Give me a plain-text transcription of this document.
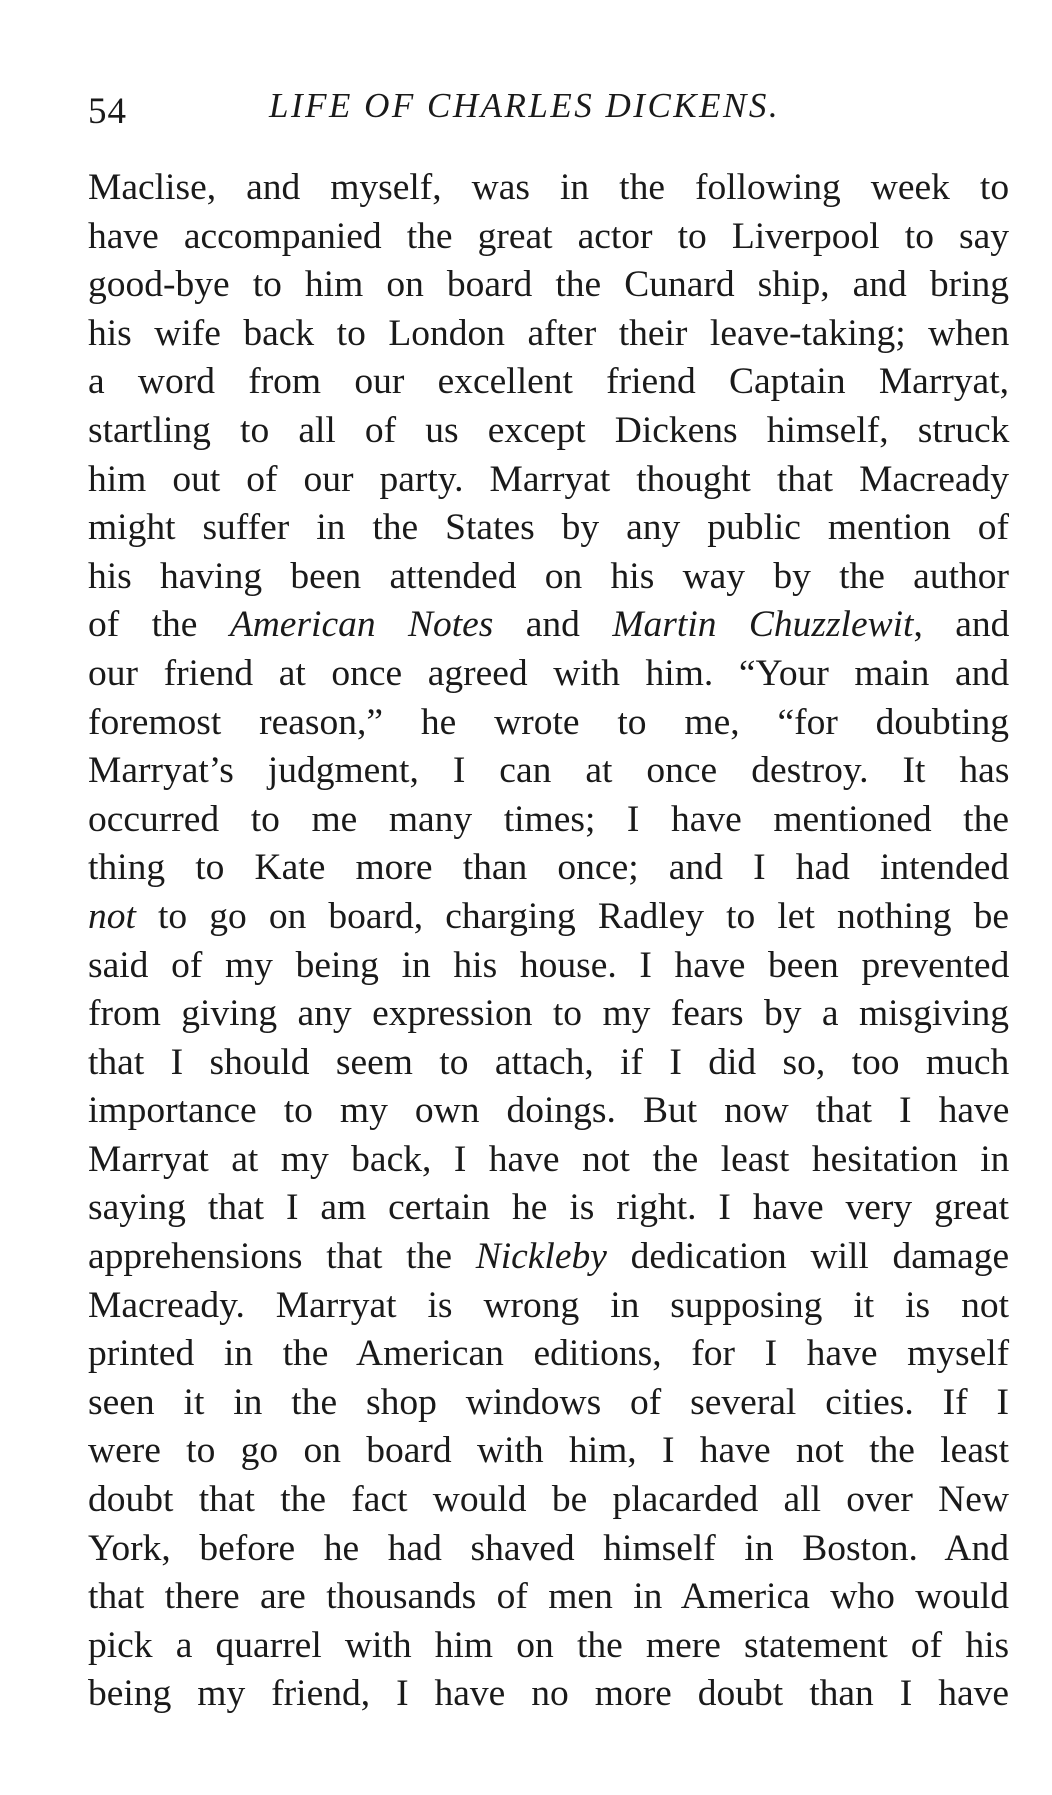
54	LIFE OF CHARLES DICKENS.
Maclise, and myself, was in the following week to
have accompanied the great actor to Liverpool to say
good-bye to him on board the Cunard ship, and bring
his wife back to London after their leave-taking; when
a word from our excellent friend Captain Marryat,
startling to all of us except Dickens himself, struck
him out of our party. Marryat thought that Macready
might suffer in the States by any public mention of
his having been attended on his way by the author
of the American Notes and Martin Chuzzlewit, and
our friend at once agreed with him. “Your main and
foremost reason,” he wrote to me, “for doubting
Marryat’s judgment, I can at once destroy. It has
occurred to me many times; I have mentioned the
thing to Kate more than once; and I had intended
not to go on board, charging Radley to let nothing be
said of my being in his house. I have been prevented
from giving any expression to my fears by a misgiving
that I should seem to attach, if I did so, too much
importance to my own doings. But now that I have
Marryat at my back, I have not the least hesitation in
saying that I am certain he is right. I have very great
apprehensions that the Nickleby dedication will damage
Macready. Marryat is wrong in supposing it is not
printed in the American editions, for I have myself
seen it in the shop windows of several cities. If I
were to go on board with him, I have not the least
doubt that the fact would be placarded all over New
York, before he had shaved himself in Boston. And
that there are thousands of men in America who would
pick a quarrel with him on the mere statement of his
being my friend, I have no more doubt than I have
